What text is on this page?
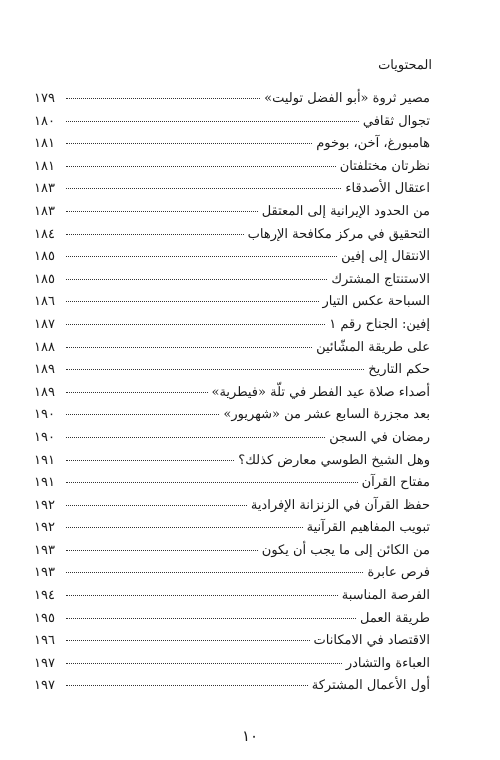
المحتويات
مصير ثروة «أبو الفضل توليت»
١٧٩
تجوال ثقافي
١٨٠
هامبورغ، آخن، بوخوم
١٨١
نظرتان مختلفتان
١٨١
اعتقال الأصدقاء
١٨٣
من الحدود الإيرانية إلى المعتقل
١٨٣
التحقيق في مركز مكافحة الإرهاب
١٨٤
الانتقال إلى إفين
١٨٥
الاستنتاج المشترك
١٨٥
السباحة عكس التيار
١٨٦
إفين: الجناح رقم ١
١٨٧
على طريقة المشّائين
١٨٨
حكم التاريخ
١٨٩
أصداء صلاة عيد الفطر في تلّة «فيطرية»
١٨٩
بعد مجزرة السابع عشر من «شهريور»
١٩٠
رمضان في السجن
١٩٠
وهل الشيخ الطوسي معارض كذلك؟
١٩١
مفتاح القرآن
١٩١
حفظ القرآن في الزنزانة الإفرادية
١٩٢
تبويب المفاهيم القرآنية
١٩٢
من الكائن إلى ما يجب أن يكون
١٩٣
فرص عابرة
١٩٣
الفرصة المناسبة
١٩٤
طريقة العمل
١٩٥
الاقتصاد في الامكانات
١٩٦
العباءة والتشادر
١٩٧
أول الأعمال المشتركة
١٩٧
١٠
